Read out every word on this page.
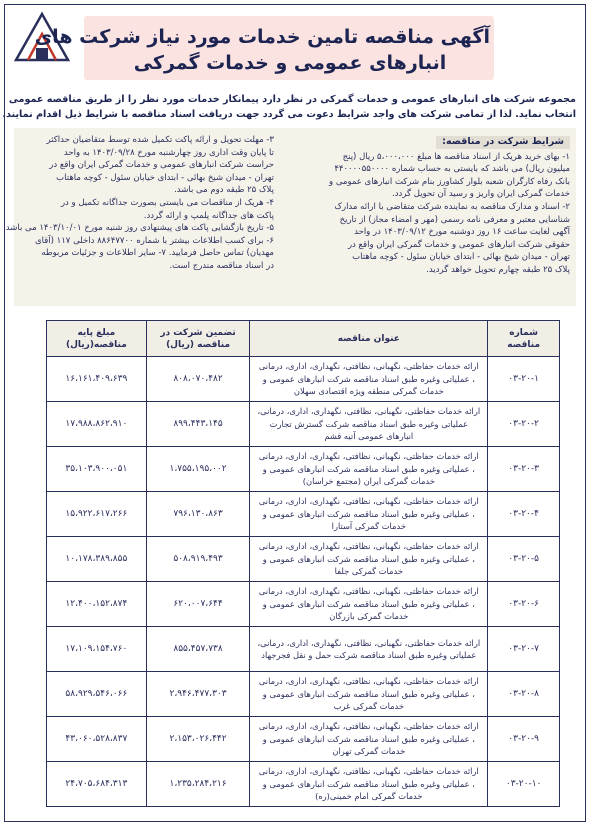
آگهی مناقصه تامین خدمات مورد نیاز شرکت های
انبارهای عمومی و خدمات گمرکی

مجموعه شرکت های انبارهای عمومی و خدمات گمرکی در نظر دارد پیمانکار خدمات مورد نظر را از طریق مناقصه عمومی

انتخاب نماید. لذا از تمامی شرکت های واجد شرایط دعوت می گردد جهت دریافت اسناد مناقصه با شرایط ذیل اقدام نمایند.

شرایط شرکت در مناقصه:

۱- بهای خرید هریک از اسناد مناقصه ها مبلغ ۵،۰۰۰،۰۰۰ ریال (پنج

میلیون ریال) می باشد که بایستی به حساب شماره ۴۴۰۰۰۰۵۵۰۰۰۰

بانک رفاه کارگران شعبه بلوار کشاورز بنام شرکت انبارهای عمومی و

خدمات گمرکی ایران واریز و رسید آن تحویل گردد.

۲- اسناد و مدارک مناقصه به نماینده شرکت متقاضی با ارائه مدارک

شناسایی معتبر و معرفی نامه رسمی (مهر و امضاء مجاز) از تاریخ

آگهی لغایت ساعت ۱۶ روز دوشنبه مورخ ۱۴۰۳/۰۹/۱۲ در واحد

حقوقی شرکت انبارهای عمومی و خدمات گمرکی ایران واقع در

تهران - میدان شیخ بهائی - ابتدای خیابان سئول - کوچه ماهتاب

پلاک ۲۵ طبقه چهارم تحویل خواهد گردید.

۳- مهلت تحویل و ارائه پاکت تکمیل شده توسط متقاضیان حداکثر

تا پایان وقت اداری روز چهارشنبه مورخ ۱۴۰۳/۰۹/۲۸ به واحد

حراست شرکت انبارهای عمومی و خدمات گمرکی ایران واقع در

تهران - میدان شیخ بهائی - ابتدای خیابان سئول - کوچه ماهتاب

پلاک ۲۵ طبقه دوم می باشد.

۴- هریک از مناقصات می بایستی بصورت جداگانه تکمیل و در

پاکت های جداگانه پلمپ و ارائه گردد.

۵- تاریخ بازگشایی پاکت های پیشنهادی روز شنبه مورخ ۱۴۰۳/۱۰/۰۱ می باشد.

۶- برای کسب اطلاعات بیشتر با شماره ۸۸۶۴۷۷۰۰ داخلی ۱۱۷ (آقای

مهدیان) تماس حاصل فرمایید. ۷- سایر اطلاعات و جزئیات مربوطه

در اسناد مناقصه مندرج است.

شماره مناقصه	عنوان مناقصه	تضمین شرکت در مناقصه (ریال)	مبلغ پایه مناقصه(ریال)
۰۳-۲۰-۱	ارائه خدمات حفاظتی، نگهبانی، نظافتی، نگهداری، اداری، درمانی
، عملیاتی وغیره طبق اسناد مناقصه شرکت انبارهای عمومی و
خدمات گمرکی منطقه ویژه اقتصادی سهلان	۸۰۸،۰۷۰،۴۸۲	۱۶،۱۶۱،۴۰۹،۶۳۹
۰۳-۲۰-۲	ارائه خدمات حفاظتی، نگهبانی، نظافتی، نگهداری، اداری، درمانی،
عملیاتی وغیره طبق اسناد مناقصه شرکت گسترش تجارت
انبارهای عمومی آتیه قشم	۸۹۹،۴۴۳،۱۴۵	۱۷،۹۸۸،۸۶۲،۹۱۰
۰۳-۲۰-۳	ارائه خدمات حفاظتی، نگهبانی، نظافتی، نگهداری، اداری، درمانی
، عملیاتی وغیره طبق اسناد مناقصه شرکت انبارهای عمومی و
خدمات گمرکی ایران (مجتمع خراسان)	۱،۷۵۵،۱۹۵،۰۰۲	۳۵،۱۰۳،۹۰۰،۰۵۱
۰۳-۲۰-۴	ارائه خدمات حفاظتی، نگهبانی، نظافتی، نگهداری، اداری، درمانی
، عملیاتی وغیره طبق اسناد مناقصه شرکت انبارهای عمومی و
خدمات گمرکی آستارا	۷۹۶،۱۳۰،۸۶۳	۱۵،۹۲۲،۶۱۷،۲۶۶
۰۳-۲۰-۵	ارائه خدمات حفاظتی، نگهبانی، نظافتی، نگهداری، اداری، درمانی
، عملیاتی وغیره طبق اسناد مناقصه شرکت انبارهای عمومی و
خدمات گمرکی جلفا	۵۰۸،۹۱۹،۴۹۳	۱۰،۱۷۸،۳۸۹،۸۵۵
۰۳-۲۰-۶	ارائه خدمات حفاظتی، نگهبانی، نظافتی، نگهداری، اداری، درمانی
، عملیاتی وغیره طبق اسناد مناقصه شرکت انبارهای عمومی و
خدمات گمرکی بازرگان	۶۲۰،۰۰۷،۶۴۴	۱۲،۴۰۰،۱۵۲،۸۷۴
۰۳-۲۰-۷	ارائه خدمات حفاظتی، نگهبانی، نظافتی، نگهداری، اداری، درمانی،
عملیاتی وغیره طبق اسناد مناقصه شرکت حمل و نقل فجرجهاد	۸۵۵،۴۵۷،۷۳۸	۱۷،۱۰۹،۱۵۴،۷۶۰
۰۳-۲۰-۸	ارائه خدمات حفاظتی، نگهبانی، نظافتی، نگهداری، اداری، درمانی
، عملیاتی وغیره طبق اسناد مناقصه شرکت انبارهای عمومی و
خدمات گمرکی غرب	۲،۹۴۶،۴۷۷،۳۰۳	۵۸،۹۲۹،۵۴۶،۰۶۶
۰۳-۲۰-۹	ارائه خدمات حفاظتی، نگهبانی، نظافتی، نگهداری، اداری، درمانی
، عملیاتی وغیره طبق اسناد مناقصه شرکت انبارهای عمومی و
خدمات گمرکی تهران	۲،۱۵۳،۰۲۶،۴۴۲	۴۳،۰۶۰،۵۲۸،۸۳۷
۰۳-۲۰-۱۰	ارائه خدمات حفاظتی، نگهبانی، نظافتی، نگهداری، اداری، درمانی
، عملیاتی وغیره طبق اسناد مناقصه شرکت انبارهای عمومی و
خدمات گمرکی امام خمینی(ره)	۱،۲۳۵،۲۸۴،۲۱۶	۲۴،۷۰۵،۶۸۴،۳۱۳
